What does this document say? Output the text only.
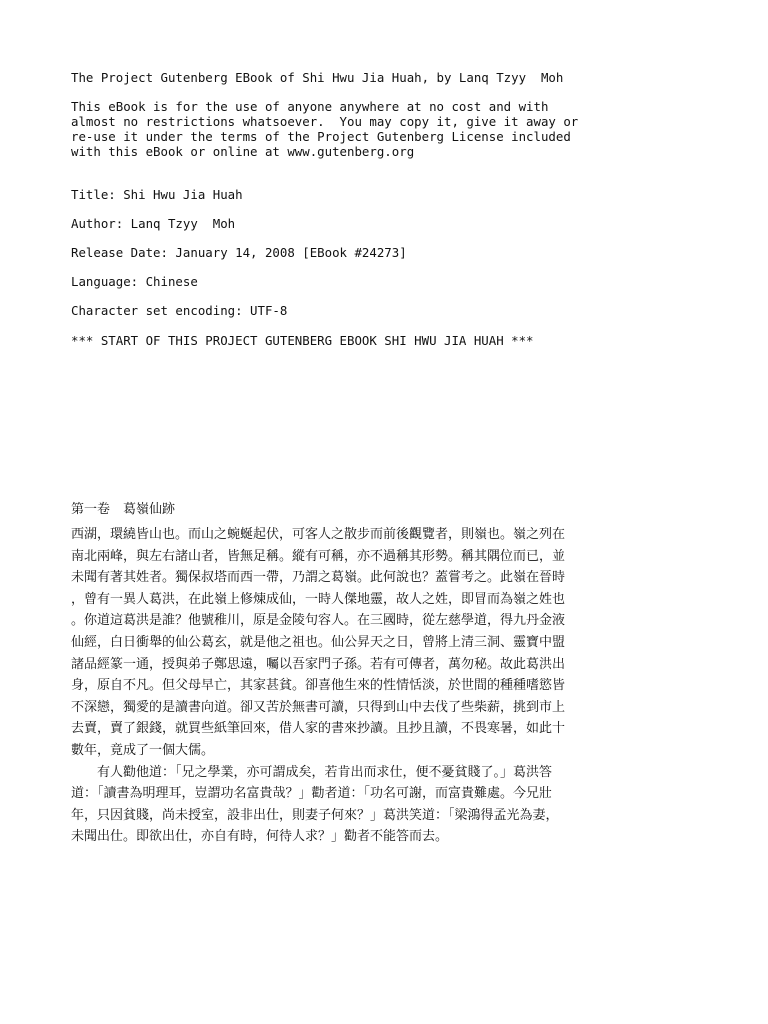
The Project Gutenberg EBook of Shi Hwu Jia Huah, by Lanq Tzyy  Moh
This eBook is for the use of anyone anywhere at no cost and with
almost no restrictions whatsoever.  You may copy it, give it away or
re-use it under the terms of the Project Gutenberg License included
with this eBook or online at www.gutenberg.org
Title: Shi Hwu Jia Huah
Author: Lanq Tzyy  Moh
Release Date: January 14, 2008 [EBook #24273]
Language: Chinese
Character set encoding: UTF-8
*** START OF THIS PROJECT GUTENBERG EBOOK SHI HWU JIA HUAH ***
第一卷　葛嶺仙跡
西湖，環繞皆山也。而山之蜿蜒起伏，可客人之散步而前後觀覽者，則嶺也。嶺之列在
南北兩峰，與左右諸山者，皆無足稱。縱有可稱，亦不過稱其形勢。稱其隅位而已，並
未聞有著其姓者。獨保叔塔而西一帶，乃謂之葛嶺。此何說也？蓋嘗考之。此嶺在晉時
，曾有一異人葛洪，在此嶺上修煉成仙，一時人傑地靈，故人之姓，即冒而為嶺之姓也
。你道這葛洪是誰？他號稚川，原是金陵句容人。在三國時，從左慈學道，得九丹金液
仙經，白日衝舉的仙公葛玄，就是他之祖也。仙公昇天之日，曾將上清三洞、靈寶中盟
諸品經篆一通，授與弟子鄭思遠，囑以吾家門子孫。若有可傳者，萬勿秘。故此葛洪出
身，原自不凡。但父母早亡，其家甚貧。卻喜他生來的性情恬淡，於世間的種種嗜慾皆
不深戀，獨愛的是讀書向道。卻又苦於無書可讀，只得到山中去伐了些柴薪，挑到市上
去賣，賣了銀錢，就買些紙筆回來，借人家的書來抄讀。且抄且讀，不畏寒暑，如此十
數年，竟成了一個大儒。
　　有人勸他道：「兄之學業，亦可謂成矣，若肯出而求仕，便不憂貧賤了。」葛洪答
道：「讀書為明理耳，豈謂功名富貴哉？」勸者道：「功名可謝，而富貴難處。今兄壯
年，只因貧賤，尚未授室，設非出仕，則妻子何來？」葛洪笑道：「梁鴻得孟光為妻，
未聞出仕。即欲出仕，亦自有時，何待人求？」勸者不能答而去。
